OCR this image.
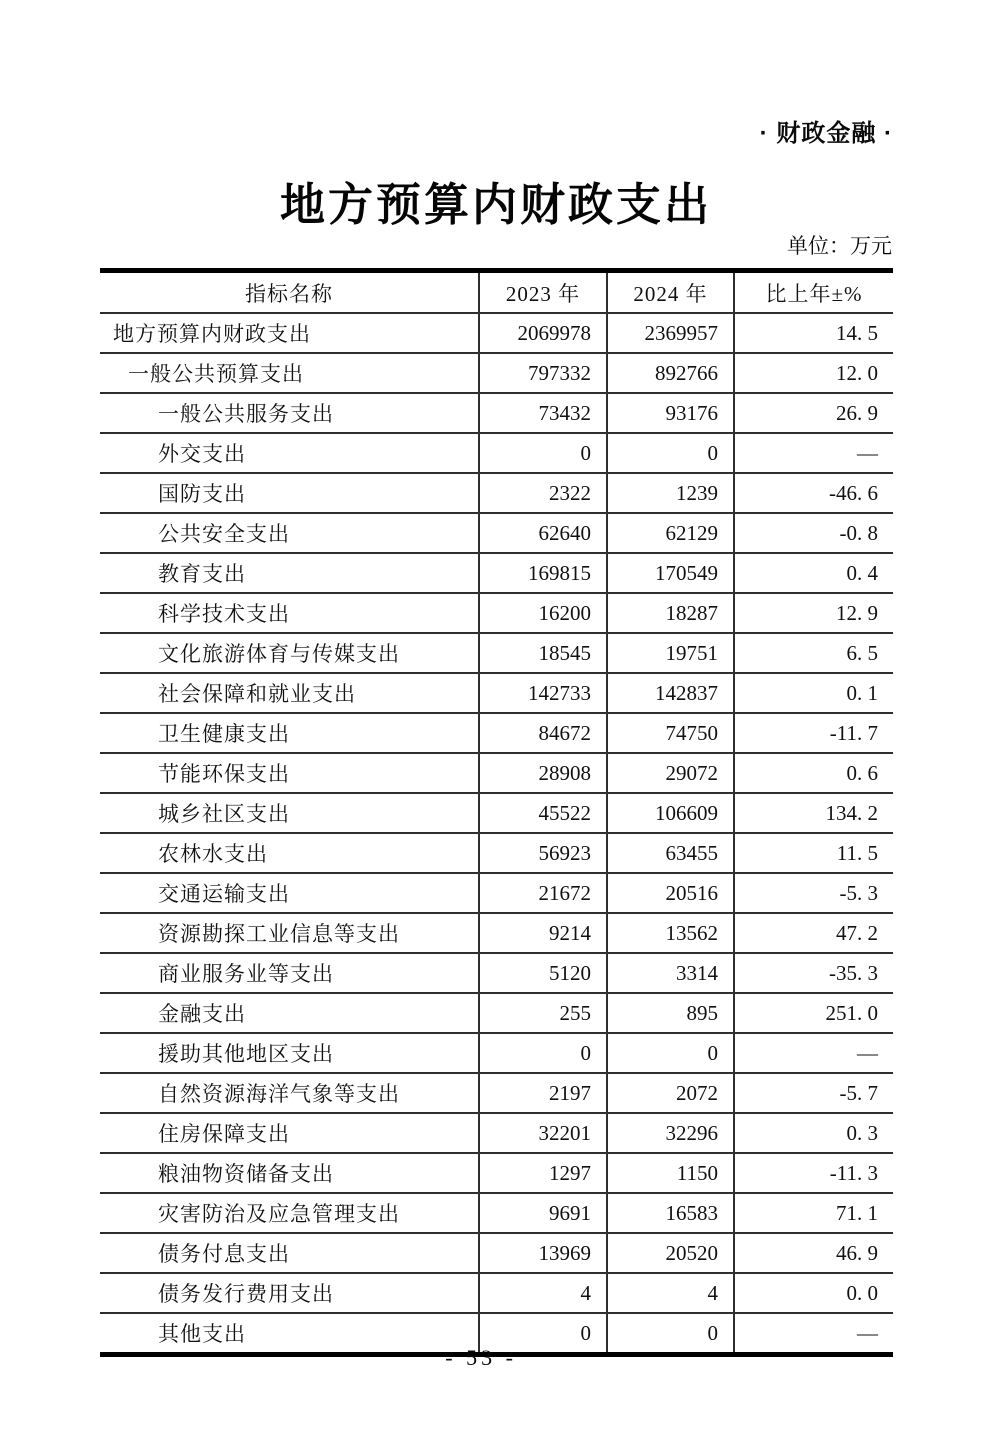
· 财政金融 ·
地方预算内财政支出
单位：万元
指标名称	2023 年	2024 年	比上年±%
地方预算内财政支出	2069978	2369957	14. 5
一般公共预算支出	797332	892766	12. 0
一般公共服务支出	73432	93176	26. 9
外交支出	0	0	—
国防支出	2322	1239	-46. 6
公共安全支出	62640	62129	-0. 8
教育支出	169815	170549	0. 4
科学技术支出	16200	18287	12. 9
文化旅游体育与传媒支出	18545	19751	6. 5
社会保障和就业支出	142733	142837	0. 1
卫生健康支出	84672	74750	-11. 7
节能环保支出	28908	29072	0. 6
城乡社区支出	45522	106609	134. 2
农林水支出	56923	63455	11. 5
交通运输支出	21672	20516	-5. 3
资源勘探工业信息等支出	9214	13562	47. 2
商业服务业等支出	5120	3314	-35. 3
金融支出	255	895	251. 0
援助其他地区支出	0	0	—
自然资源海洋气象等支出	2197	2072	-5. 7
住房保障支出	32201	32296	0. 3
粮油物资储备支出	1297	1150	-11. 3
灾害防治及应急管理支出	9691	16583	71. 1
债务付息支出	13969	20520	46. 9
债务发行费用支出	4	4	0. 0
其他支出	0	0	—
- 53 -
